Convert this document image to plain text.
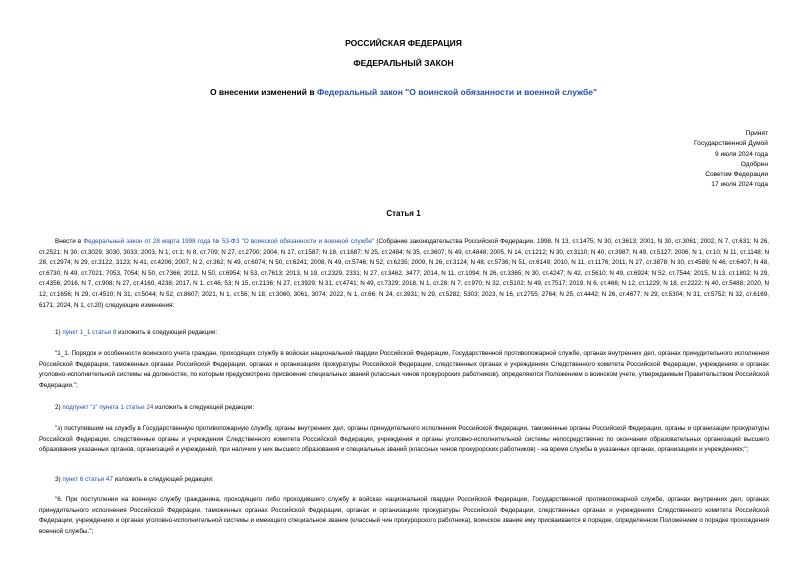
РОССИЙСКАЯ ФЕДЕРАЦИЯ
ФЕДЕРАЛЬНЫЙ ЗАКОН
О внесении изменений в Федеральный закон "О воинской обязанности и военной службе"
Принят
Государственной Думой
9 июля 2024 года
Одобрен
Советом Федерации
17 июля 2024 года
Статья 1

Внести в Федеральный закон от 28 марта 1998 года № 53-ФЗ "О воинской обязанности и военной службе" (Собрание законодательства Российской Федерации, 1998, N 13, ст.1475; N 30, ст.3613; 2001, N 30, ст.3061; 2002, N 7, ст.631; N 26, ст.2521; N 30, ст.3029, 3030, 3033; 2003, N 1, ст.1; N 8, ст.709; N 27, ст.2700; 2004, N 17, ст.1587; N 18, ст.1687; N 25, ст.2484; N 35, ст.3607; N 49, ст.4848; 2005, N 14, ст.1212; N 30, ст.3110; N 40, ст.3987; N 49, ст.5127; 2006, N 1, ст.10; N 11, ст.1148; N 28, ст.2974; N 29, ст.3122, 3123; N 41, ст.4206; 2007, N 2, ст.362; N 49, ст.6074; N 50, ст.6241; 2008, N 49, ст.5746; N 52, ст.6235; 2009, N 26, ст.3124; N 48, ст.5736; N 51, ст.6149; 2010, N 11, ст.1176; 2011, N 27, ст.3878; N 30, ст.4589; N 46, ст.6407; N 48, ст.6730; N 49, ст.7021, 7053, 7054; N 50, ст.7366; 2012, N 50, ст.6954; N 53, ст.7613; 2013, N 19, ст.2329, 2331; N 27, ст.3462, 3477; 2014, N 11, ст.1094; N 26, ст.3365; N 30, ст.4247; N 42, ст.5610; N 49, ст.6924; N 52, ст.7544; 2015, N 13, ст.1802; N 29, ст.4356; 2016, N 7, ст.908; N 27, ст.4160, 4238; 2017, N 1, ст.46, 53; N 15, ст.2136; N 27, ст.3929; N 31, ст.4741; N 49, ст.7329; 2018, N 1, ст.28; N 7, ст.970; N 32, ст.5102; N 49, ст.7517; 2019, N 6, ст.466; N 12, ст.1229; N 18, ст.2222; N 40, ст.5488; 2020, N 12, ст.1656; N 29, ст.4510; N 31, ст.5044; N 52, ст.8607; 2021, N 1, ст.56; N 18, ст.3060, 3061, 3074; 2022, N 1, ст.66; N 24, ст.3931; N 29, ст.5282, 5303; 2023, N 16, ст.2755; 2764; N 25, ст.4442; N 26, ст.4677; N 29, ст.5304; N 31, ст.5752; N 32, ст.6169, 6171; 2024, N 1, ст.20) следующие изменения:

1) пункт 1_1 статьи 8 изложить в следующей редакции:
"1_1. Порядок и особенности воинского учета граждан, проходящих службу в войсках национальной гвардии Российской Федерации, Государственной противопожарной службе, органах внутренних дел, органах принудительного исполнения Российской Федерации, таможенных органах Российской Федерации, органах и организациях прокуратуры Российской Федерации, следственных органах и учреждениях Следственного комитета Российской Федерации, учреждениях и органах уголовно-исполнительной системы на должностях, по которым предусмотрено присвоение специальных званий (классных чинов прокурорских работников), определяются Положением о воинском учете, утверждаемым Правительством Российской Федерации.";
2) подпункт "з" пункта 1 статьи 24 изложить в следующей редакции:
"з) поступившим на службу в Государственную противопожарную службу, органы внутренних дел, органы принудительного исполнения Российской Федерации, таможенные органы Российской Федерации, органы и организации прокуратуры Российской Федерации, следственные органы и учреждения Следственного комитета Российской Федерации, учреждения и органы уголовно-исполнительной системы непосредственно по окончании образовательных организаций высшего образования указанных органов, организаций и учреждений, при наличии у них высшего образования и специальных званий (классных чинов прокурорских работников) - на время службы в указанных органах, организациях и учреждениях;";
3) пункт 6 статьи 47 изложить в следующей редакции:
"6. При поступлении на военную службу гражданина, проходящего либо проходившего службу в войсках национальной гвардии Российской Федерации, Государственной противопожарной службе, органах внутренних дел, органах принудительного исполнения Российской Федерации, таможенных органах Российской Федерации, органах и организациях прокуратуры Российской Федерации, следственных органах и учреждениях Следственного комитета Российской Федерации, учреждениях и органах уголовно-исполнительной системы и имеющего специальное звание (классный чин прокурорского работника), воинское звание ему присваивается в порядке, определенном Положением о порядке прохождения военной службы.";
